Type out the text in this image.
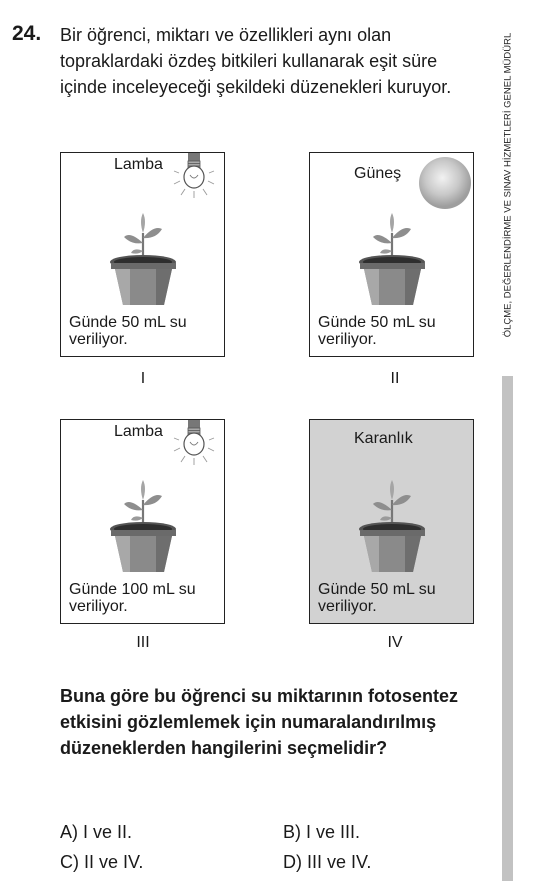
24. Bir öğrenci, miktarı ve özellikleri aynı olan topraklardaki özdeş bitkileri kullanarak eşit süre içinde inceleyeceği şekildeki düzenekleri kuruyor.	ÖLÇME, DEĞERLENDİRME VE SINAV HİZMETLERİ GENEL MÜDÜRL
Lamba

Günde 50 mL su
veriliyor.

I
Güneş

Günde 50 mL su
veriliyor.

II
Lamba

Günde 100 mL su
veriliyor.

III
Karanlık

Günde 50 mL su
veriliyor.

IV

Buna göre bu öğrenci su miktarının fotosentez etkisini gözlemlemek için numaralandırılmış düzeneklerden hangilerini seçmelidir?

A) I ve II.	B) I ve III.
C) II ve IV.	D) III ve IV.
